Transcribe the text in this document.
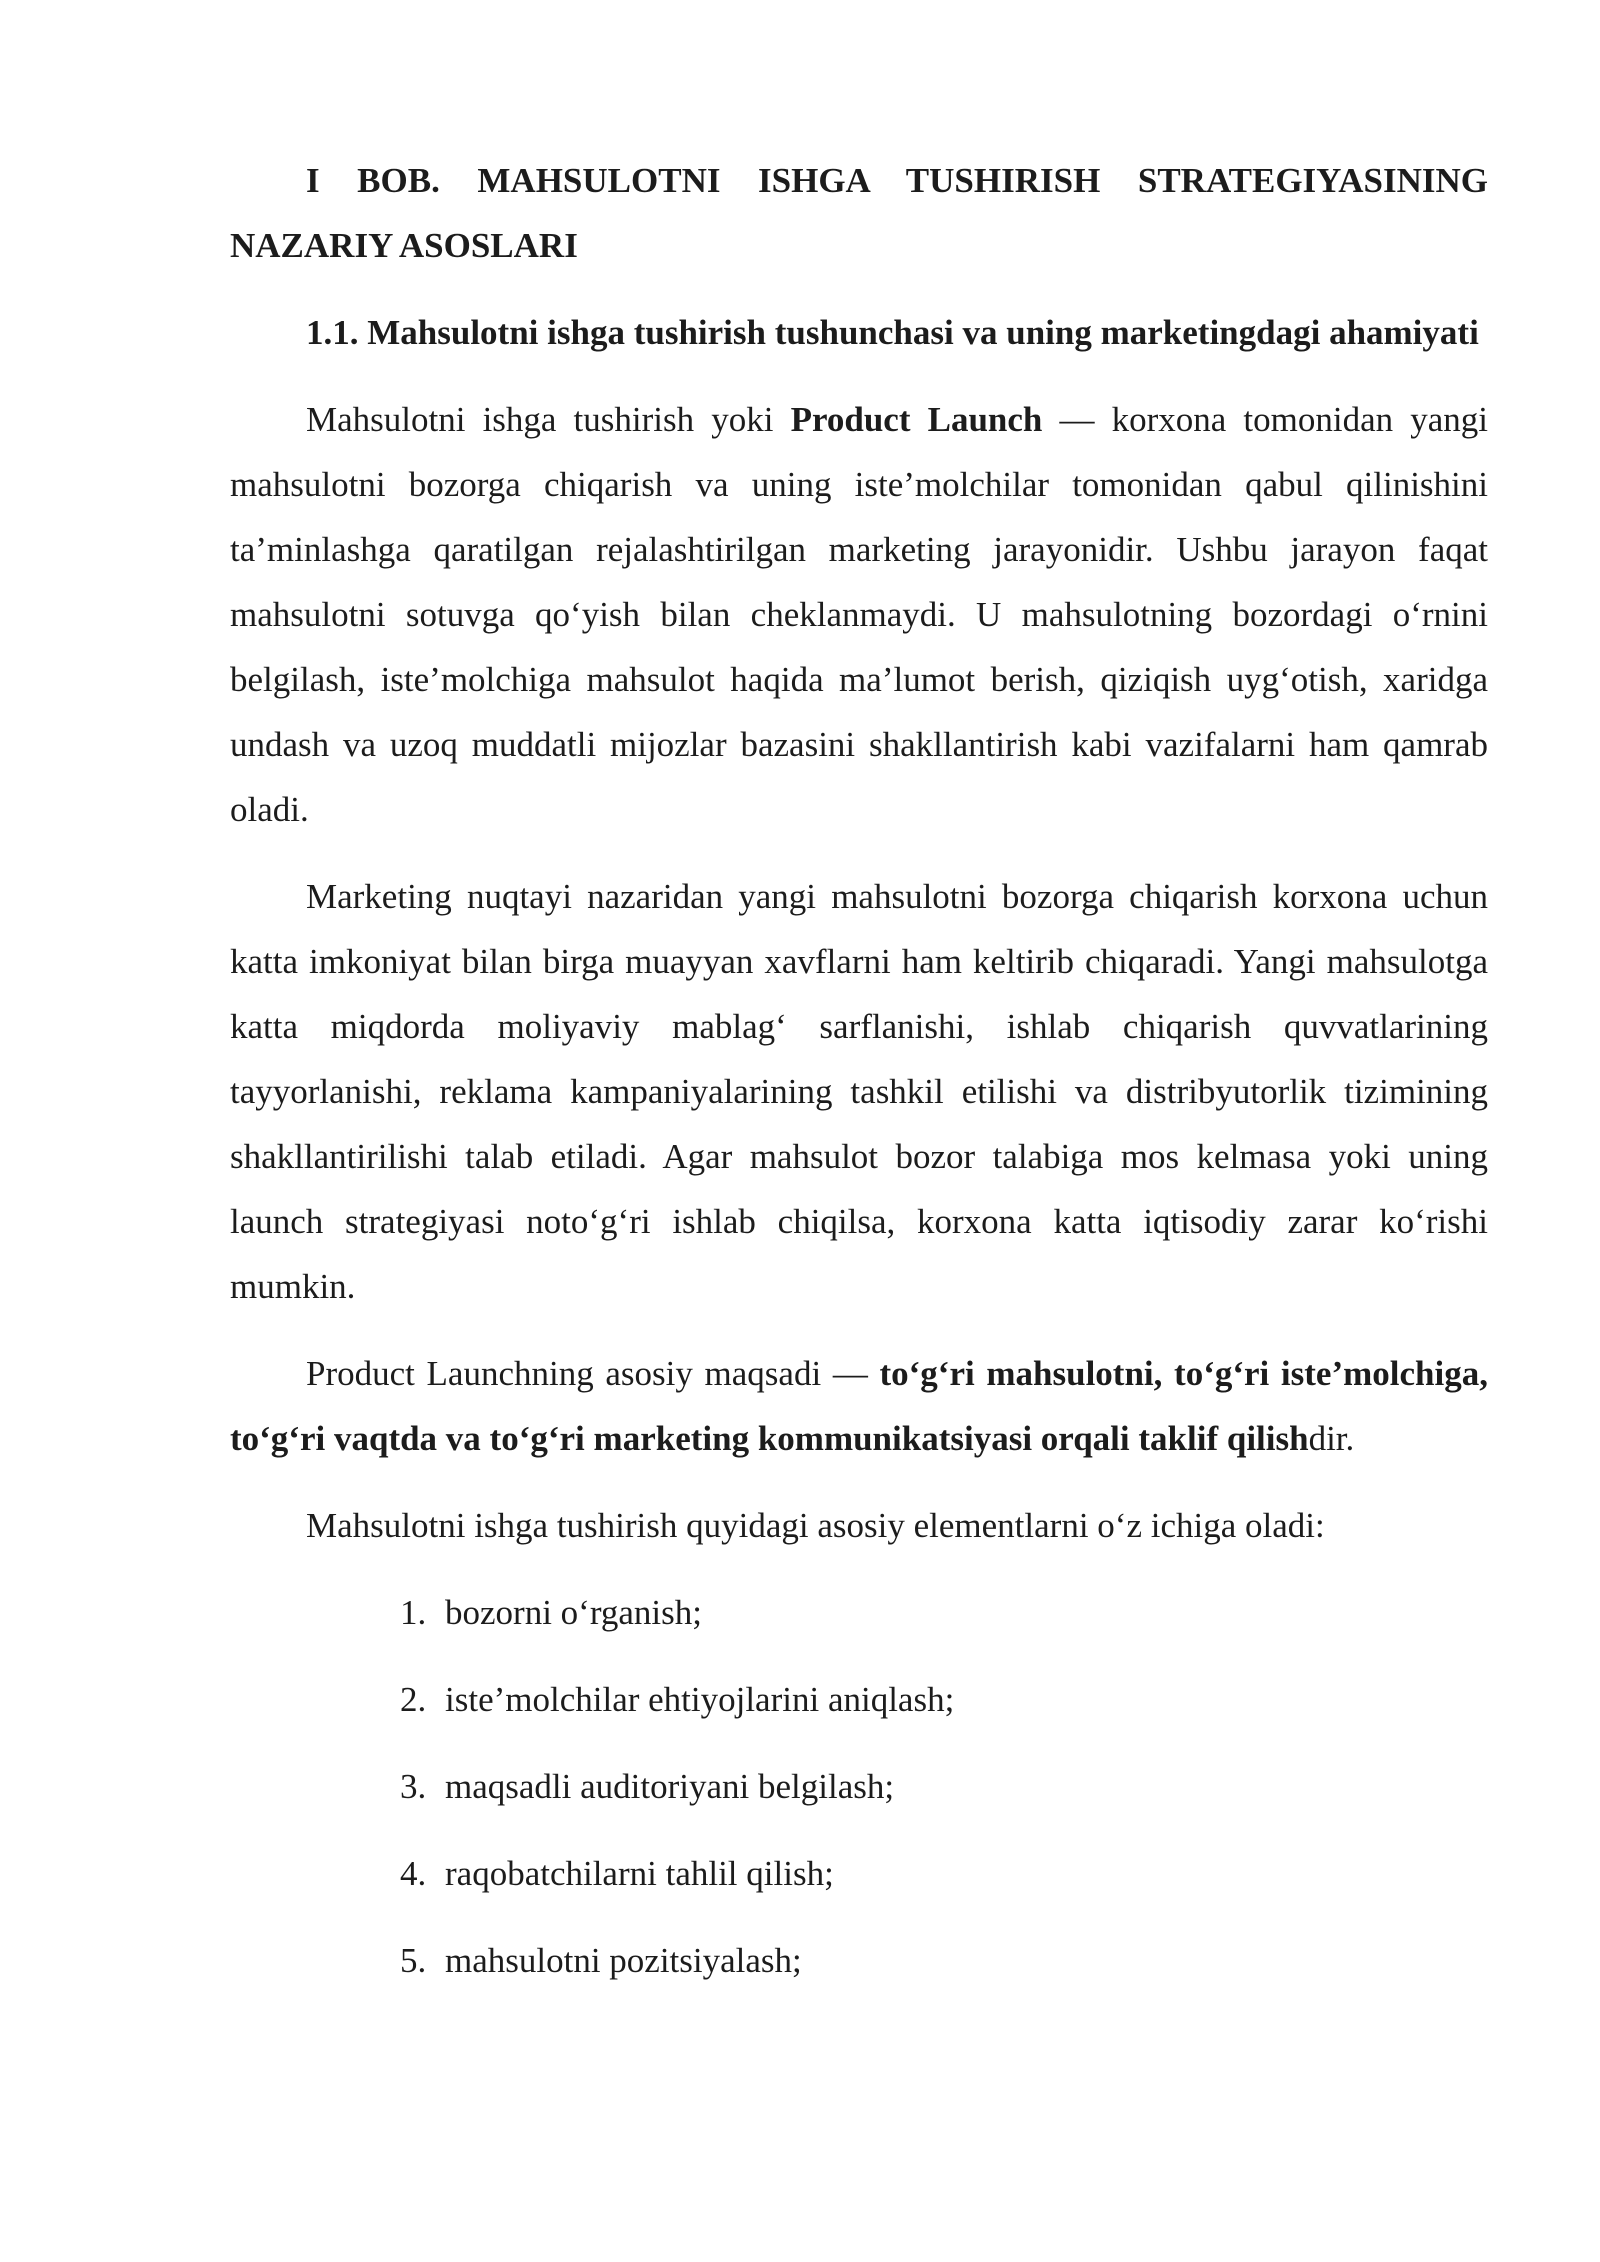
I BOB. MAHSULOTNI ISHGA TUSHIRISH STRATEGIYASINING NAZARIY ASOSLARI

1.1. Mahsulotni ishga tushirish tushunchasi va uning marketingdagi ahamiyati

Mahsulotni ishga tushirish yoki Product Launch — korxona tomonidan yangi mahsulotni bozorga chiqarish va uning iste’molchilar tomonidan qabul qilinishini ta’minlashga qaratilgan rejalashtirilgan marketing jarayonidir. Ushbu jarayon faqat mahsulotni sotuvga qo‘yish bilan cheklanmaydi. U mahsulotning bozordagi o‘rnini belgilash, iste’molchiga mahsulot haqida ma’lumot berish, qiziqish uyg‘otish, xaridga undash va uzoq muddatli mijozlar bazasini shakllantirish kabi vazifalarni ham qamrab oladi.

Marketing nuqtayi nazaridan yangi mahsulotni bozorga chiqarish korxona uchun katta imkoniyat bilan birga muayyan xavflarni ham keltirib chiqaradi. Yangi mahsulotga katta miqdorda moliyaviy mablag‘ sarflanishi, ishlab chiqarish quvvatlarining tayyorlanishi, reklama kampaniyalarining tashkil etilishi va distribyutorlik tizimining shakllantirilishi talab etiladi. Agar mahsulot bozor talabiga mos kelmasa yoki uning launch strategiyasi noto‘g‘ri ishlab chiqilsa, korxona katta iqtisodiy zarar ko‘rishi mumkin.

Product Launchning asosiy maqsadi — to‘g‘ri mahsulotni, to‘g‘ri iste’molchiga, to‘g‘ri vaqtda va to‘g‘ri marketing kommunikatsiyasi orqali taklif qilishdir.

Mahsulotni ishga tushirish quyidagi asosiy elementlarni o‘z ichiga oladi:

1. bozorni o‘rganish;
2. iste’molchilar ehtiyojlarini aniqlash;
3. maqsadli auditoriyani belgilash;
4. raqobatchilarni tahlil qilish;
5. mahsulotni pozitsiyalash;
